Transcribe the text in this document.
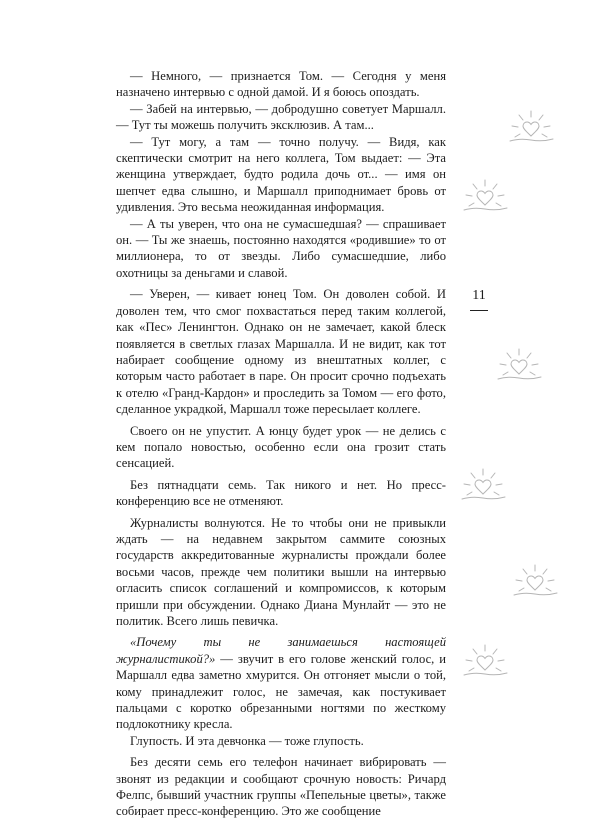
— Немного, — признается Том. — Сегодня у меня назначено интервью с одной дамой. И я боюсь опоздать.

— Забей на интервью, — добродушно советует Маршалл. — Тут ты можешь получить эксклюзив. А там...

— Тут могу, а там — точно получу. — Видя, как скептически смотрит на него коллега, Том выдает: — Эта женщина утверждает, будто родила дочь от... — имя он шепчет едва слышно, и Маршалл приподнимает бровь от удивления. Это весьма неожиданная информация.

— А ты уверен, что она не сумасшедшая? — спрашивает он. — Ты же знаешь, постоянно находятся «родившие» то от миллионера, то от звезды. Либо сумасшедшие, либо охотницы за деньгами и славой.

— Уверен, — кивает юнец Том. Он доволен собой. И доволен тем, что смог похвастаться перед таким коллегой, как «Пес» Ленингтон. Однако он не замечает, какой блеск появляется в светлых глазах Маршалла. И не видит, как тот набирает сообщение одному из внештатных коллег, с которым часто работает в паре. Он просит срочно подъехать к отелю «Гранд-Кардон» и проследить за Томом — его фото, сделанное украдкой, Маршалл тоже пересылает коллеге.

Своего он не упустит. А юнцу будет урок — не делись с кем попало новостью, особенно если она грозит стать сенсацией.

Без пятнадцати семь. Так никого и нет. Но пресс-конференцию все не отменяют.

Журналисты волнуются. Не то чтобы они не привыкли ждать — на недавнем закрытом саммите союзных государств аккредитованные журналисты прождали более восьми часов, прежде чем политики вышли на интервью огласить список соглашений и компромиссов, к которым пришли при обсуждении. Однако Диана Мунлайт — это не политик. Всего лишь певичка.

«Почему ты не занимаешься настоящей журналистикой?» — звучит в его голове женский голос, и Маршалл едва заметно хмурится. Он отгоняет мысли о той, кому принадлежит голос, не замечая, как постукивает пальцами с коротко обрезанными ногтями по жесткому подлокотнику кресла.

Глупость. И эта девчонка — тоже глупость.

Без десяти семь его телефон начинает вибрировать — звонят из редакции и сообщают срочную новость: Ричард Фелпс, бывший участник группы «Пепельные цветы», также собирает пресс-конференцию. Это же сообщение

11
